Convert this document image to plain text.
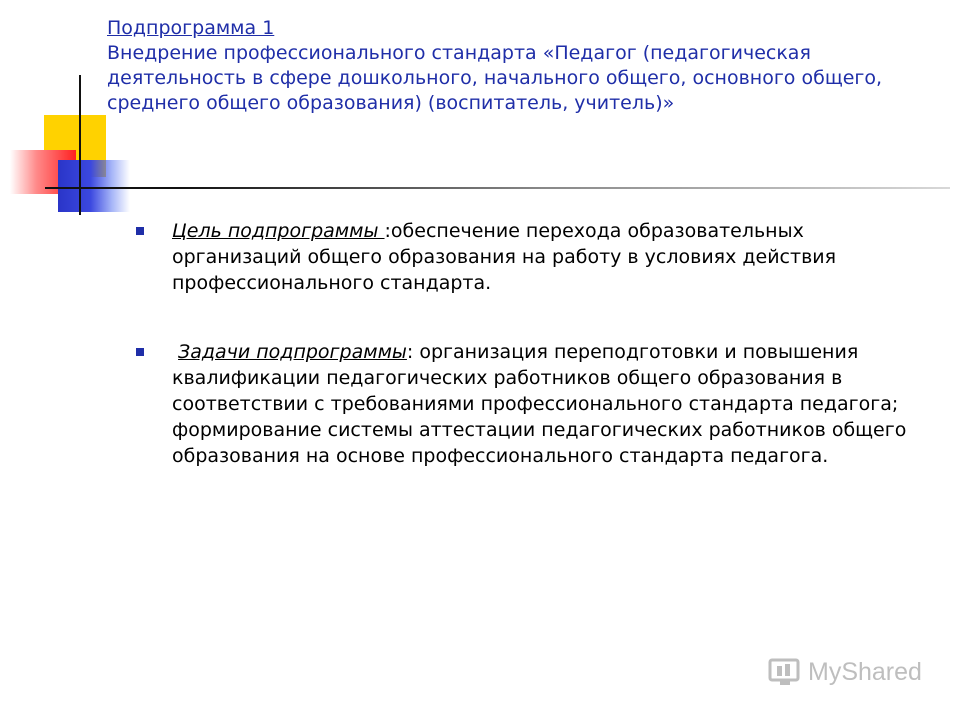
Подпрограмма 1
Внедрение профессионального стандарта «Педагог (педагогическая деятельность в сфере дошкольного, начального общего, основного общего, среднего общего образования) (воспитатель, учитель)»
Цель подпрограммы :обеспечение перехода образовательных организаций общего образования на работу в условиях действия профессионального стандарта.
Задачи подпрограммы: организация переподготовки и повышения квалификации педагогических работников общего образования в соответствии с требованиями профессионального стандарта педагога; формирование системы аттестации педагогических работников общего образования на основе профессионального стандарта педагога.
MyShared
